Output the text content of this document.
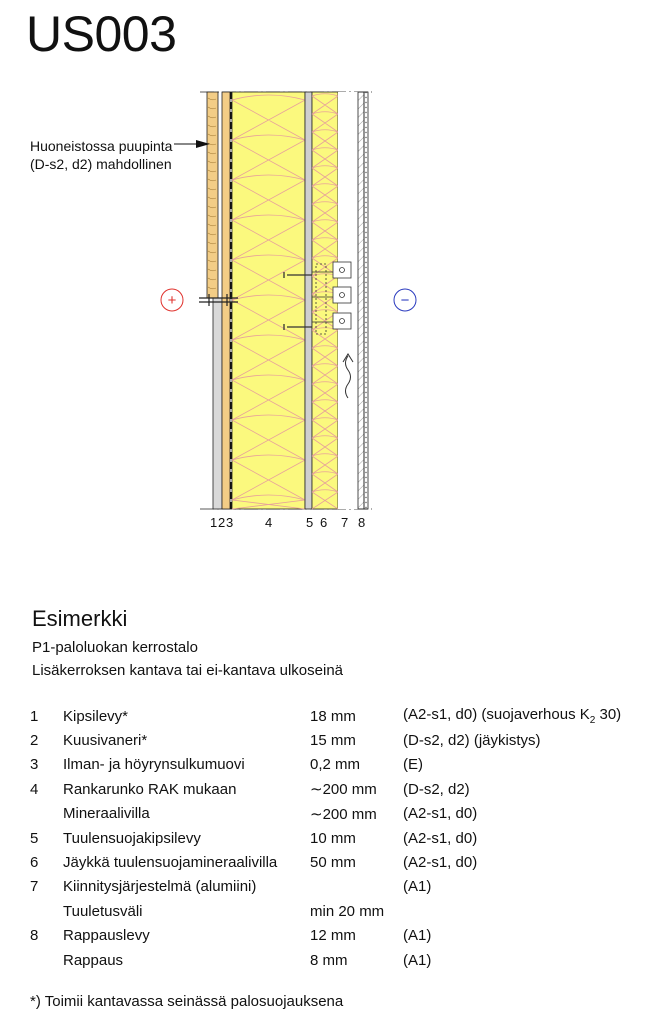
US003
+	−
Huoneistossa puupinta
(D-s2, d2) mahdollinen
1 2 3 4	5 6 7 8
Esimerkki
P1-paloluokan kerrostalo
Lisäkerroksen kantava tai ei-kantava ulkoseinä
1	Kipsilevy*	18 mm	(A2-s1, d0) (suojaverhous $K_2$ 30)
2	Kuusivaneri*	15 mm	(D-s2, d2) (jäykistys)
3	Ilman- ja höyrynsulkumuovi	0,2 mm	(E)
4	Rankarunko RAK mukaan	∼200 mm	(D-s2, d2)
	Mineraalivilla	∼200 mm	(A2-s1, d0)
5	Tuulensuojakipsilevy	10 mm	(A2-s1, d0)
6	Jäykkä tuulensuojamineraalivilla	50 mm	(A2-s1, d0)
7	Kiinnitysjärjestelmä (alumiini)		(A1)
	Tuuletusväli	min 20 mm	
8	Rappauslevy	12 mm	(A1)
	Rappaus	8 mm	(A1)
*) Toimii kantavassa seinässä palosuojauksena
